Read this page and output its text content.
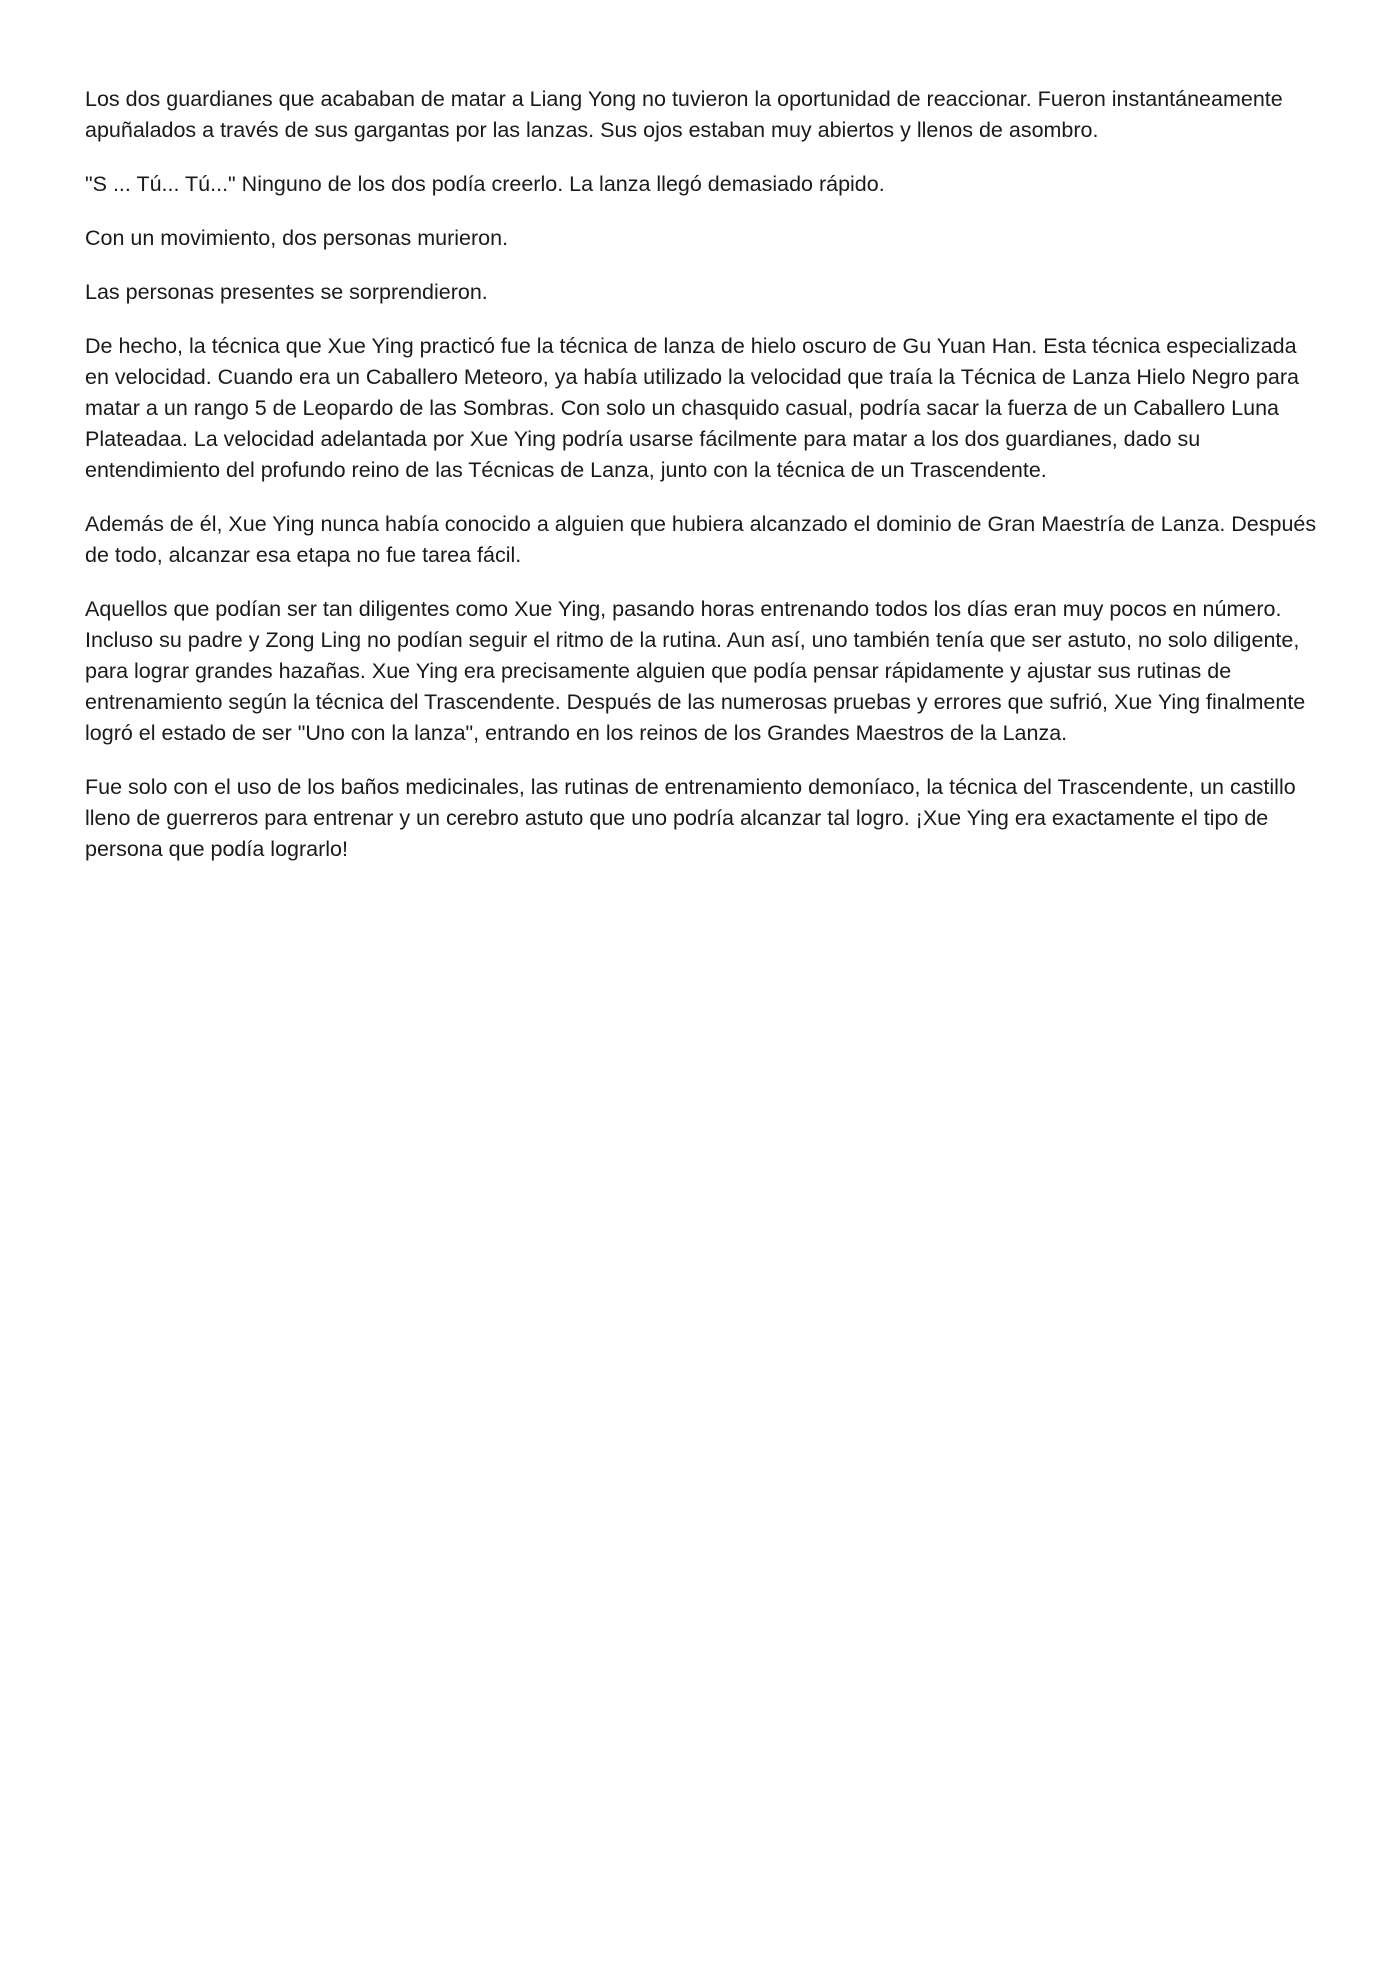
Los dos guardianes que acababan de matar a Liang Yong no tuvieron la oportunidad de reaccionar. Fueron instantáneamente apuñalados a través de sus gargantas por las lanzas. Sus ojos estaban muy abiertos y llenos de asombro.

"S ... Tú... Tú..." Ninguno de los dos podía creerlo. La lanza llegó demasiado rápido.

Con un movimiento, dos personas murieron.

Las personas presentes se sorprendieron.

De hecho, la técnica que Xue Ying practicó fue la técnica de lanza de hielo oscuro de Gu Yuan Han. Esta técnica especializada en velocidad. Cuando era un Caballero Meteoro, ya había utilizado la velocidad que traía la Técnica de Lanza Hielo Negro para matar a un rango 5 de Leopardo de las Sombras. Con solo un chasquido casual, podría sacar la fuerza de un Caballero Luna Plateadaa. La velocidad adelantada por Xue Ying podría usarse fácilmente para matar a los dos guardianes, dado su entendimiento del profundo reino de las Técnicas de Lanza, junto con la técnica de un Trascendente.

Además de él, Xue Ying nunca había conocido a alguien que hubiera alcanzado el dominio de Gran Maestría de Lanza. Después de todo, alcanzar esa etapa no fue tarea fácil.

Aquellos que podían ser tan diligentes como Xue Ying, pasando horas entrenando todos los días eran muy pocos en número. Incluso su padre y Zong Ling no podían seguir el ritmo de la rutina. Aun así, uno también tenía que ser astuto, no solo diligente, para lograr grandes hazañas. Xue Ying era precisamente alguien que podía pensar rápidamente y ajustar sus rutinas de entrenamiento según la técnica del Trascendente. Después de las numerosas pruebas y errores que sufrió, Xue Ying finalmente logró el estado de ser "Uno con la lanza", entrando en los reinos de los Grandes Maestros de la Lanza.

Fue solo con el uso de los baños medicinales, las rutinas de entrenamiento demoníaco, la técnica del Trascendente, un castillo lleno de guerreros para entrenar y un cerebro astuto que uno podría alcanzar tal logro. ¡Xue Ying era exactamente el tipo de persona que podía lograrlo!
